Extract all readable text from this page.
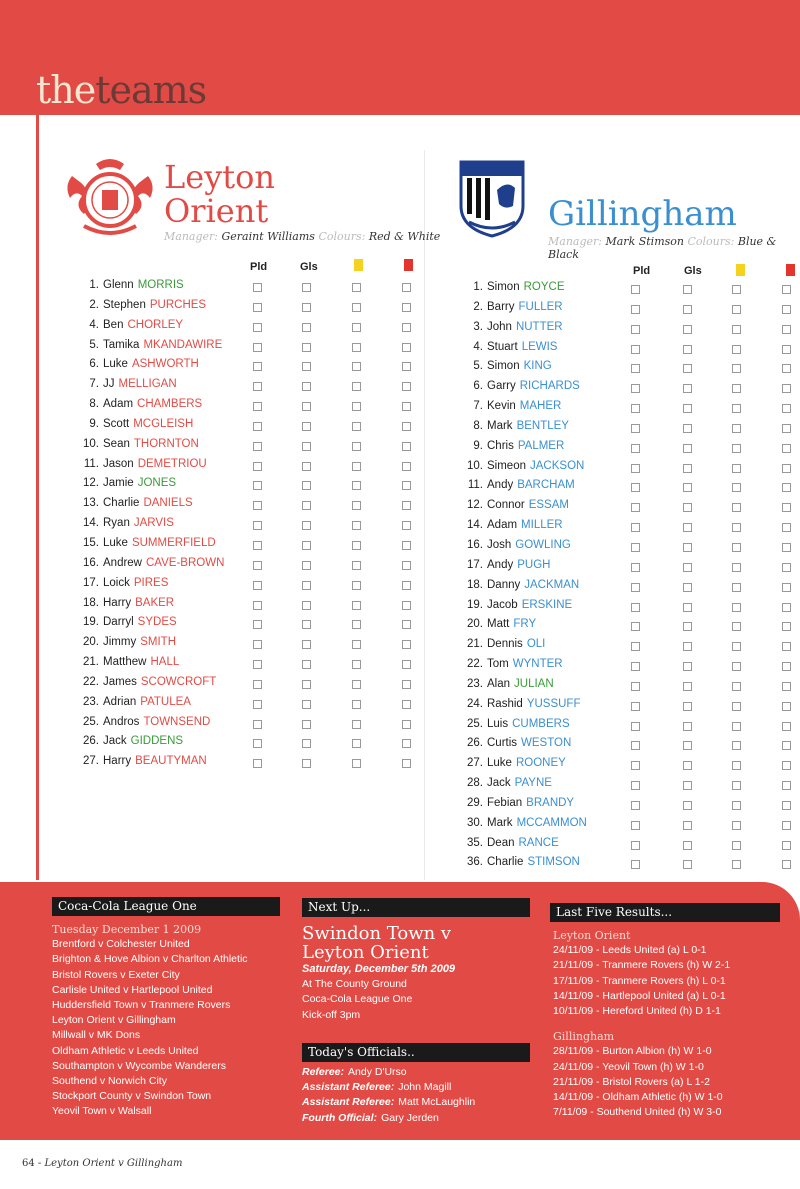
theteams
Leyton
Orient
Manager: Geraint Williams Colours: Red & White
Pld	Gls
1. Glenn MORRIS
2. Stephen PURCHES
4. Ben CHORLEY
5. Tamika MKANDAWIRE
6. Luke ASHWORTH
7. JJ MELLIGAN
8. Adam CHAMBERS
9. Scott MCGLEISH
10. Sean THORNTON
11. Jason DEMETRIOU
12. Jamie JONES
13. Charlie DANIELS
14. Ryan JARVIS
15. Luke SUMMERFIELD
16. Andrew CAVE-BROWN
17. Loick PIRES
18. Harry BAKER
19. Darryl SYDES
20. Jimmy SMITH
21. Matthew HALL
22. James SCOWCROFT
23. Adrian PATULEA
25. Andros TOWNSEND
26. Jack GIDDENS
27. Harry BEAUTYMAN
Gillingham
Manager: Mark Stimson Colours: Blue & Black
Pld	Gls
1. Simon ROYCE
2. Barry FULLER
3. John NUTTER
4. Stuart LEWIS
5. Simon KING
6. Garry RICHARDS
7. Kevin MAHER
8. Mark BENTLEY
9. Chris PALMER
10. Simeon JACKSON
11. Andy BARCHAM
12. Connor ESSAM
14. Adam MILLER
16. Josh GOWLING
17. Andy PUGH
18. Danny JACKMAN
19. Jacob ERSKINE
20. Matt FRY
21. Dennis OLI
22. Tom WYNTER
23. Alan JULIAN
24. Rashid YUSSUFF
25. Luis CUMBERS
26. Curtis WESTON
27. Luke ROONEY
28. Jack PAYNE
29. Febian BRANDY
30. Mark MCCAMMON
35. Dean RANCE
36. Charlie STIMSON
Coca-Cola League One
Tuesday December 1 2009
Brentford v Colchester United
Brighton & Hove Albion v Charlton Athletic
Bristol Rovers v Exeter City
Carlisle United v Hartlepool United
Huddersfield Town v Tranmere Rovers
Leyton Orient v Gillingham
Millwall v MK Dons
Oldham Athletic v Leeds United
Southampton v Wycombe Wanderers
Southend v Norwich City
Stockport County v Swindon Town
Yeovil Town v Walsall
Next Up...
Swindon Town v
Leyton Orient
Saturday, December 5th 2009
At The County Ground
Coca-Cola League One
Kick-off 3pm
Today's Officials..
Referee: Andy D'Urso
Assistant Referee: John Magill
Assistant Referee: Matt McLaughlin
Fourth Official: Gary Jerden
Last Five Results...
Leyton Orient
24/11/09 - Leeds United (a) L 0-1
21/11/09 - Tranmere Rovers (h) W 2-1
17/11/09 - Tranmere Rovers (h) L 0-1
14/11/09 - Hartlepool United (a) L 0-1
10/11/09 - Hereford United (h) D 1-1
Gillingham
28/11/09 - Burton Albion (h) W 1-0
24/11/09 - Yeovil Town (h) W 1-0
21/11/09 - Bristol Rovers (a) L 1-2
14/11/09 - Oldham Athletic (h) W 1-0
7/11/09 - Southend United (h) W 3-0
64 - Leyton Orient v Gillingham
